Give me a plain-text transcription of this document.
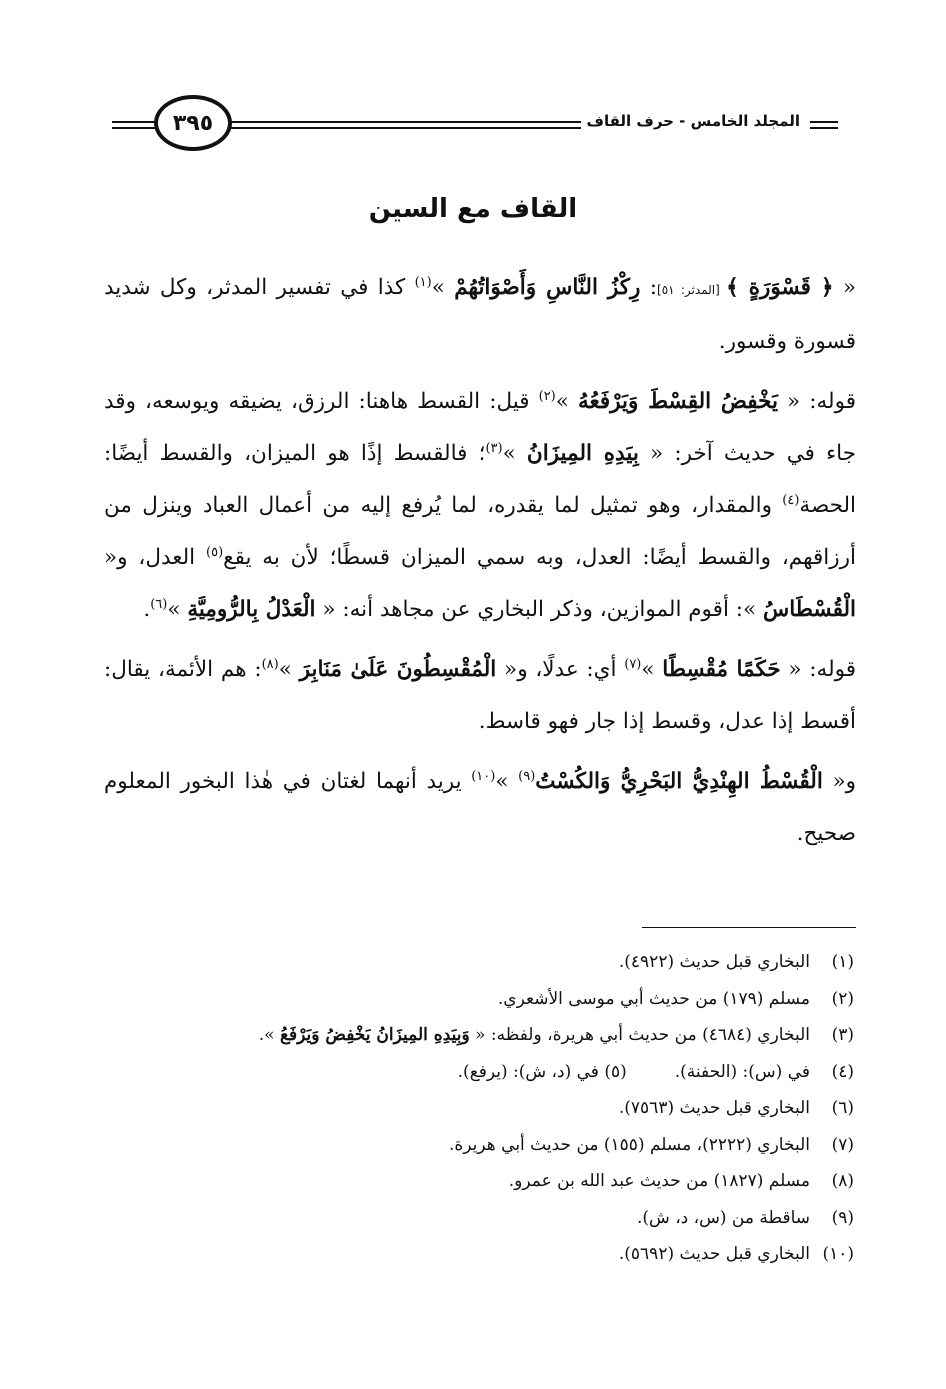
٣٩٥	المجلد الخامس - حرف القاف
القاف مع السين

« ﴿ قَسْوَرَةٍ ﴾ [المدثر: ٥١]: رِكْزُ النَّاسِ وَأَصْوَاتُهُمْ »$^{(١)}$ كذا في تفسير المدثر، وكل شديد قسورة وقسور.

قوله: « يَخْفِضُ القِسْطَ وَيَرْفَعُهُ »$^{(٢)}$ قيل: القسط هاهنا: الرزق، يضيقه ويوسعه، وقد جاء في حديث آخر: « بِيَدِهِ المِيزَانُ »$^{(٣)}$؛ فالقسط إذًا هو الميزان، والقسط أيضًا: الحصة$^{(٤)}$ والمقدار، وهو تمثيل لما يقدره، لما يُرفع إليه من أعمال العباد وينزل من أرزاقهم، والقسط أيضًا: العدل، وبه سمي الميزان قسطًا؛ لأن به يقع$^{(٥)}$ العدل، و« الْقُسْطَاسُ »: أقوم الموازين، وذكر البخاري عن مجاهد أنه: « الْعَدْلُ بِالرُّومِيَّةِ »$^{(٦)}$.

قوله: « حَكَمًا مُقْسِطًا »$^{(٧)}$ أي: عدلًا، و« الْمُقْسِطُونَ عَلَىٰ مَنَابِرَ »$^{(٨)}$: هم الأئمة، يقال: أقسط إذا عدل، وقسط إذا جار فهو قاسط.

و« الْقُسْطُ الهِنْدِيُّ البَحْرِيُّ وَالكُسْتُ$^{(٩)}$ »$^{(١٠)}$ يريد أنهما لغتان في هٰذا البخور المعلوم صحيح.

(١)البخاري قبل حديث (٤٩٢٢).
(٢)مسلم (١٧٩) من حديث أبي موسى الأشعري.
(٣)البخاري (٤٦٨٤) من حديث أبي هريرة، ولفظه: « وَبِيَدِهِ المِيزَانُ يَخْفِضُ وَيَرْفَعُ ».
(٤)في (س): (الحفنة).(٥) في (د، ش): (يرفع).
(٦)البخاري قبل حديث (٧٥٦٣).
(٧)البخاري (٢٢٢٢)، مسلم (١٥٥) من حديث أبي هريرة.
(٨)مسلم (١٨٢٧) من حديث عبد الله بن عمرو.
(٩)ساقطة من (س، د، ش).
(١٠)البخاري قبل حديث (٥٦٩٢).
